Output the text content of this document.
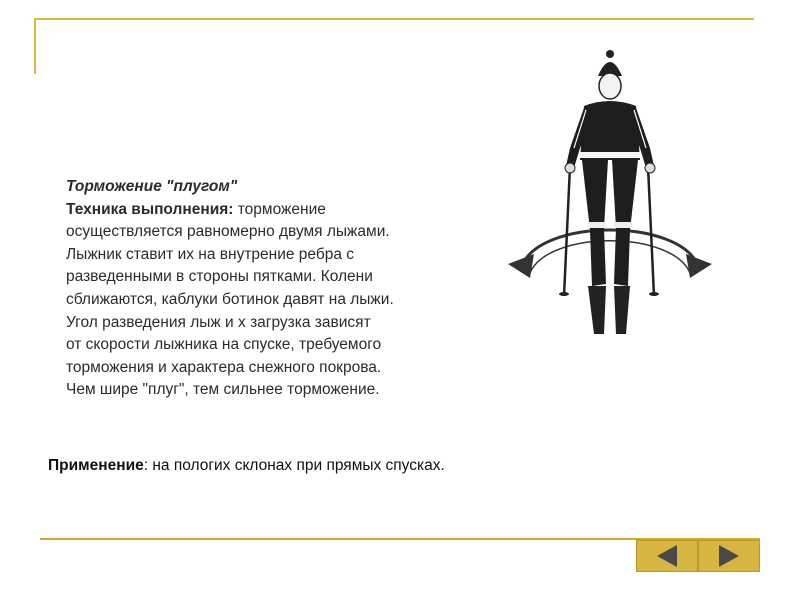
Торможение "плугом"
Техника выполнения: торможение
осуществляется равномерно двумя лыжами.
Лыжник ставит их на внутрение ребра с
разведенными в стороны пятками. Колени
сближаются, каблуки ботинок давят на лыжи.
Угол разведения лыж и х загрузка зависят
от скорости лыжника на спуске, требуемого
торможения и характера снежного покрова.
Чем шире "плуг", тем сильнее торможение.
Применение: на пологих склонах при прямых спусках.
